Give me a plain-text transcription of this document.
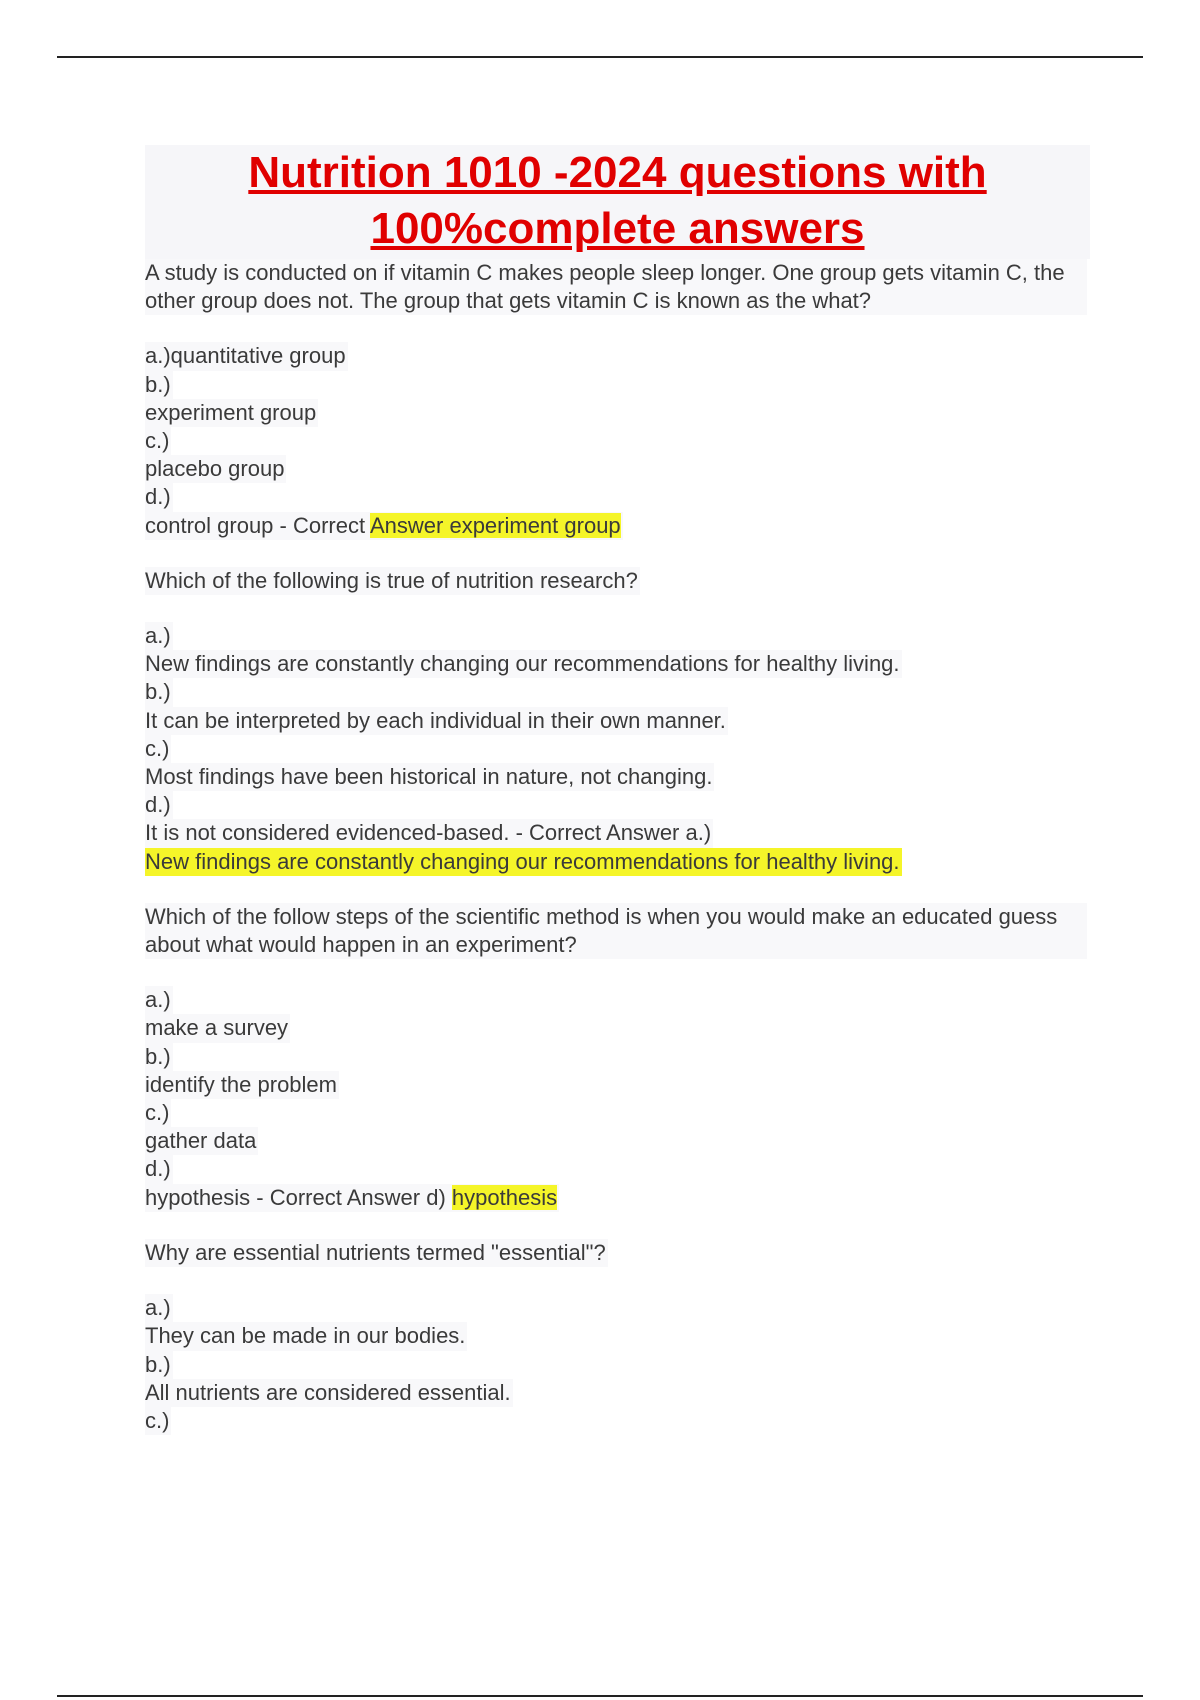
Nutrition 1010 -2024 questions with 100%complete answers

A study is conducted on if vitamin C makes people sleep longer. One group gets vitamin C, the other group does not. The group that gets vitamin C is known as the what?

a.)quantitative group

b.)

experiment group

c.)

placebo group

d.)

control group - Correct Answer experiment group

Which of the following is true of nutrition research?

a.)

New findings are constantly changing our recommendations for healthy living.

b.)

It can be interpreted by each individual in their own manner.

c.)

Most findings have been historical in nature, not changing.

d.)

It is not considered evidenced-based. - Correct Answer a.)

New findings are constantly changing our recommendations for healthy living.

Which of the follow steps of the scientific method is when you would make an educated guess about what would happen in an experiment?

a.)

make a survey

b.)

identify the problem

c.)

gather data

d.)

hypothesis - Correct Answer d) hypothesis

Why are essential nutrients termed "essential"?

a.)

They can be made in our bodies.

b.)

All nutrients are considered essential.

c.)
